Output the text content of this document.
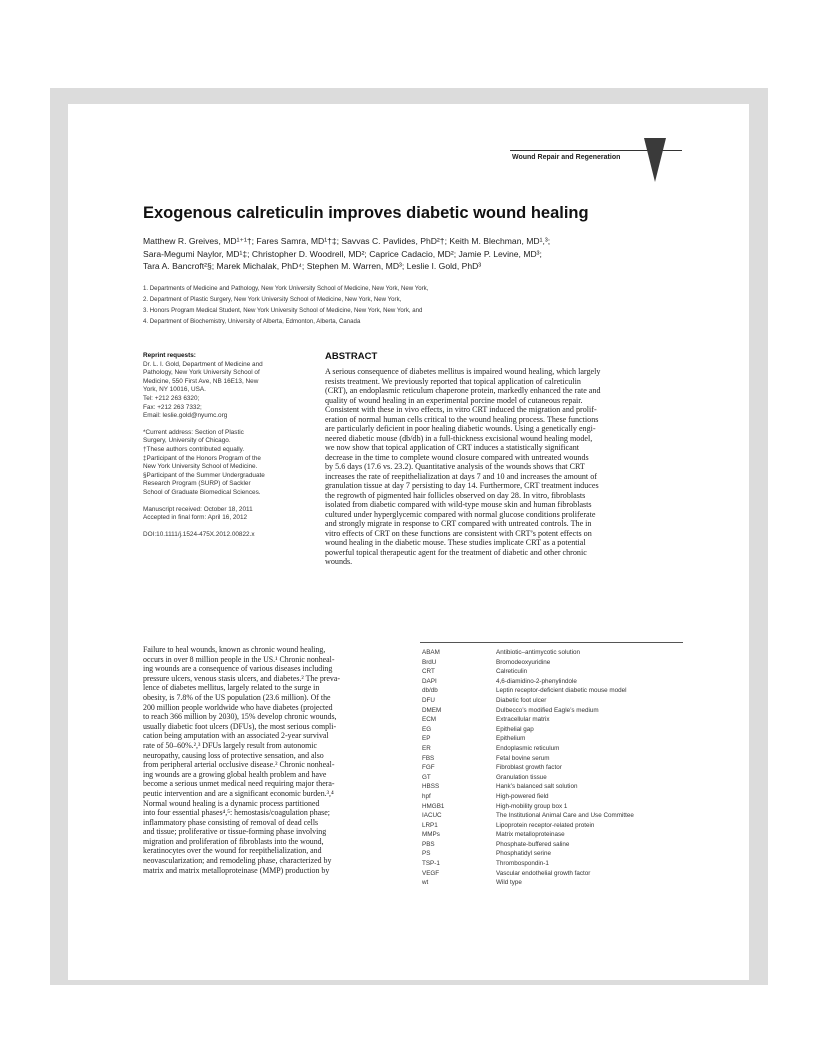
Wound Repair and Regeneration
Exogenous calreticulin improves diabetic wound healing
Matthew R. Greives, MD¹⁺¹†; Fares Samra, MD¹†‡; Savvas C. Pavlides, PhD²†; Keith M. Blechman, MD¹,³;
Sara-Megumi Naylor, MD¹‡; Christopher D. Woodrell, MD²; Caprice Cadacio, MD²; Jamie P. Levine, MD³;
Tara A. Bancroft²§; Marek Michalak, PhD⁴; Stephen M. Warren, MD³; Leslie I. Gold, PhD³
1. Departments of Medicine and Pathology, New York University School of Medicine, New York, New York,
2. Department of Plastic Surgery, New York University School of Medicine, New York, New York,
3. Honors Program Medical Student, New York University School of Medicine, New York, New York, and
4. Department of Biochemistry, University of Alberta, Edmonton, Alberta, Canada
Reprint requests:
Dr. L. I. Gold, Department of Medicine and
Pathology, New York University School of
Medicine, 550 First Ave, NB 16E13, New
York, NY 10016, USA.
Tel: +212 263 6320;
Fax: +212 263 7332;
Email: leslie.gold@nyumc.org
*Current address: Section of Plastic
Surgery, University of Chicago.
†These authors contributed equally.
‡Participant of the Honors Program of the
New York University School of Medicine.
§Participant of the Summer Undergraduate
Research Program (SURP) of Sackler
School of Graduate Biomedical Sciences.
Manuscript received: October 18, 2011
Accepted in final form: April 16, 2012
DOI:10.1111/j.1524-475X.2012.00822.x
ABSTRACT
A serious consequence of diabetes mellitus is impaired wound healing, which largely
resists treatment. We previously reported that topical application of calreticulin
(CRT), an endoplasmic reticulum chaperone protein, markedly enhanced the rate and
quality of wound healing in an experimental porcine model of cutaneous repair.
Consistent with these in vivo effects, in vitro CRT induced the migration and prolif-
eration of normal human cells critical to the wound healing process. These functions
are particularly deficient in poor healing diabetic wounds. Using a genetically engi-
neered diabetic mouse (db/db) in a full-thickness excisional wound healing model,
we now show that topical application of CRT induces a statistically significant
decrease in the time to complete wound closure compared with untreated wounds
by 5.6 days (17.6 vs. 23.2). Quantitative analysis of the wounds shows that CRT
increases the rate of reepithelialization at days 7 and 10 and increases the amount of
granulation tissue at day 7 persisting to day 14. Furthermore, CRT treatment induces
the regrowth of pigmented hair follicles observed on day 28. In vitro, fibroblasts
isolated from diabetic compared with wild-type mouse skin and human fibroblasts
cultured under hyperglycemic compared with normal glucose conditions proliferate
and strongly migrate in response to CRT compared with untreated controls. The in
vitro effects of CRT on these functions are consistent with CRT’s potent effects on
wound healing in the diabetic mouse. These studies implicate CRT as a potential
powerful topical therapeutic agent for the treatment of diabetic and other chronic
wounds.
Failure to heal wounds, known as chronic wound healing,
occurs in over 8 million people in the US.¹ Chronic nonheal-
ing wounds are a consequence of various diseases including
pressure ulcers, venous stasis ulcers, and diabetes.² The preva-
lence of diabetes mellitus, largely related to the surge in
obesity, is 7.8% of the US population (23.6 million). Of the
200 million people worldwide who have diabetes (projected
to reach 366 million by 2030), 15% develop chronic wounds,
usually diabetic foot ulcers (DFUs), the most serious compli-
cation being amputation with an associated 2-year survival
rate of 50–60%.²,³ DFUs largely result from autonomic
neuropathy, causing loss of protective sensation, and also
from peripheral arterial occlusive disease.² Chronic nonheal-
ing wounds are a growing global health problem and have
become a serious unmet medical need requiring major thera-
peutic intervention and are a significant economic burden.³,⁴
Normal wound healing is a dynamic process partitioned
into four essential phases⁴,⁵: hemostasis/coagulation phase;
inflammatory phase consisting of removal of dead cells
and tissue; proliferative or tissue-forming phase involving
migration and proliferation of fibroblasts into the wound,
keratinocytes over the wound for reepithelialization, and
neovascularization; and remodeling phase, characterized by
matrix and matrix metalloproteinase (MMP) production by
ABAM	Antibiotic–antimycotic solution
BrdU	Bromodeoxyuridine
CRT	Calreticulin
DAPI	4,6-diamidino-2-phenylindole
db/db	Leptin receptor-deficient diabetic mouse model
DFU	Diabetic foot ulcer
DMEM	Dulbecco’s modified Eagle’s medium
ECM	Extracellular matrix
EG	Epithelial gap
EP	Epithelium
ER	Endoplasmic reticulum
FBS	Fetal bovine serum
FGF	Fibroblast growth factor
GT	Granulation tissue
HBSS	Hank’s balanced salt solution
hpf	High-powered field
HMGB1	High-mobility group box 1
IACUC	The Institutional Animal Care and Use Committee
LRP1	Lipoprotein receptor-related protein
MMPs	Matrix metalloproteinase
PBS	Phosphate-buffered saline
PS	Phosphatidyl serine
TSP-1	Thrombospondin-1
VEGF	Vascular endothelial growth factor
wt	Wild type
